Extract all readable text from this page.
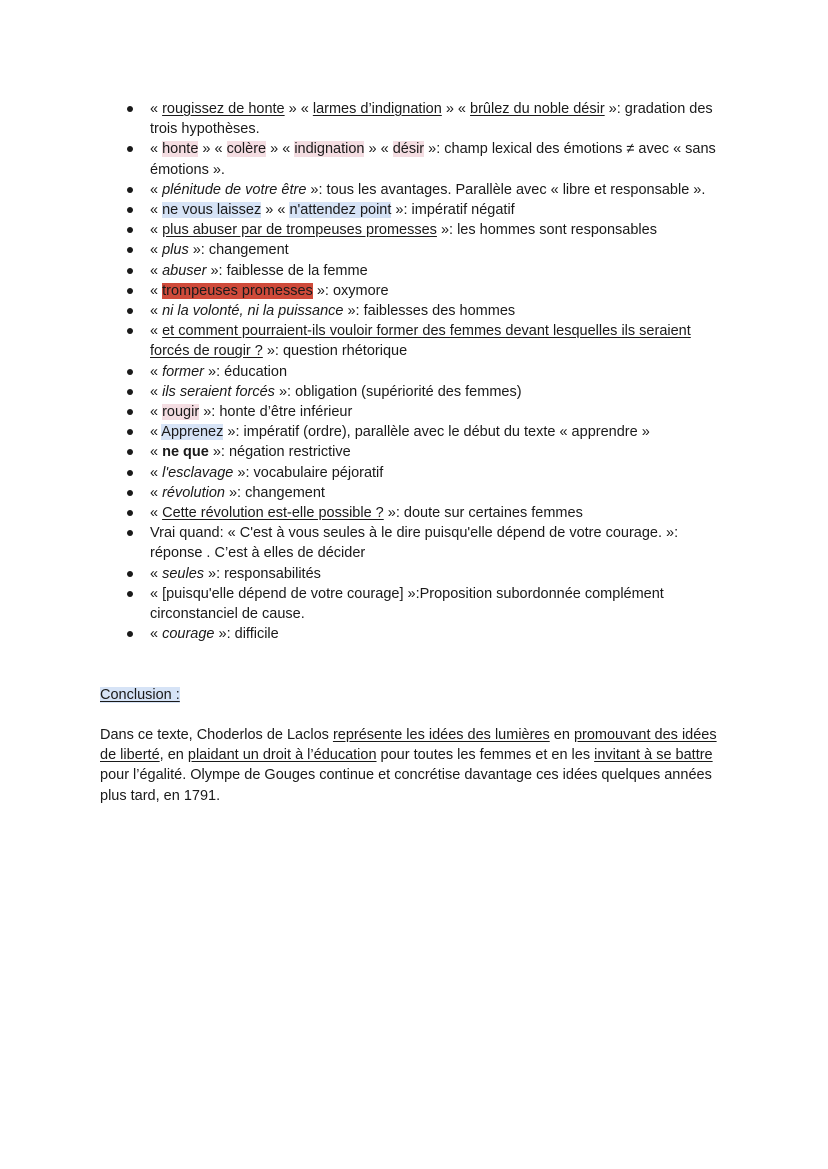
« rougissez de honte » « larmes d’indignation » « brûlez du noble désir »: gradation des trois hypothèses.
« honte » « colère » « indignation » « désir »: champ lexical des émotions ≠ avec « sans émotions ».
« plénitude de votre être »: tous les avantages. Parallèle avec « libre et responsable ».
« ne vous laissez » « n'attendez point »: impératif négatif
« plus abuser par de trompeuses promesses »: les hommes sont responsables
« plus »: changement
« abuser »: faiblesse de la femme
« trompeuses promesses »: oxymore
« ni la volonté, ni la puissance »: faiblesses des hommes
« et comment pourraient-ils vouloir former des femmes devant lesquelles ils seraient forcés de rougir ? »: question rhétorique
« former »: éducation
« ils seraient forcés »: obligation (supériorité des femmes)
« rougir »: honte d’être inférieur
« Apprenez »: impératif (ordre), parallèle avec le début du texte « apprendre »
« ne que »: négation restrictive
« l'esclavage »: vocabulaire péjoratif
« révolution »: changement
« Cette révolution est-elle possible ? »: doute sur certaines femmes
Vrai quand: « C'est à vous seules à le dire puisqu'elle dépend de votre courage. »: réponse . C’est à elles de décider
« seules »: responsabilités
« [puisqu'elle dépend de votre courage] »:Proposition subordonnée complément circonstanciel de cause.
« courage »: difficile
Conclusion :

Dans ce texte, Choderlos de Laclos représente les idées des lumières en promouvant des idées de liberté, en plaidant un droit à l’éducation pour toutes les femmes et en les invitant à se battre pour l’égalité. Olympe de Gouges continue et concrétise davantage ces idées quelques années plus tard, en 1791.
